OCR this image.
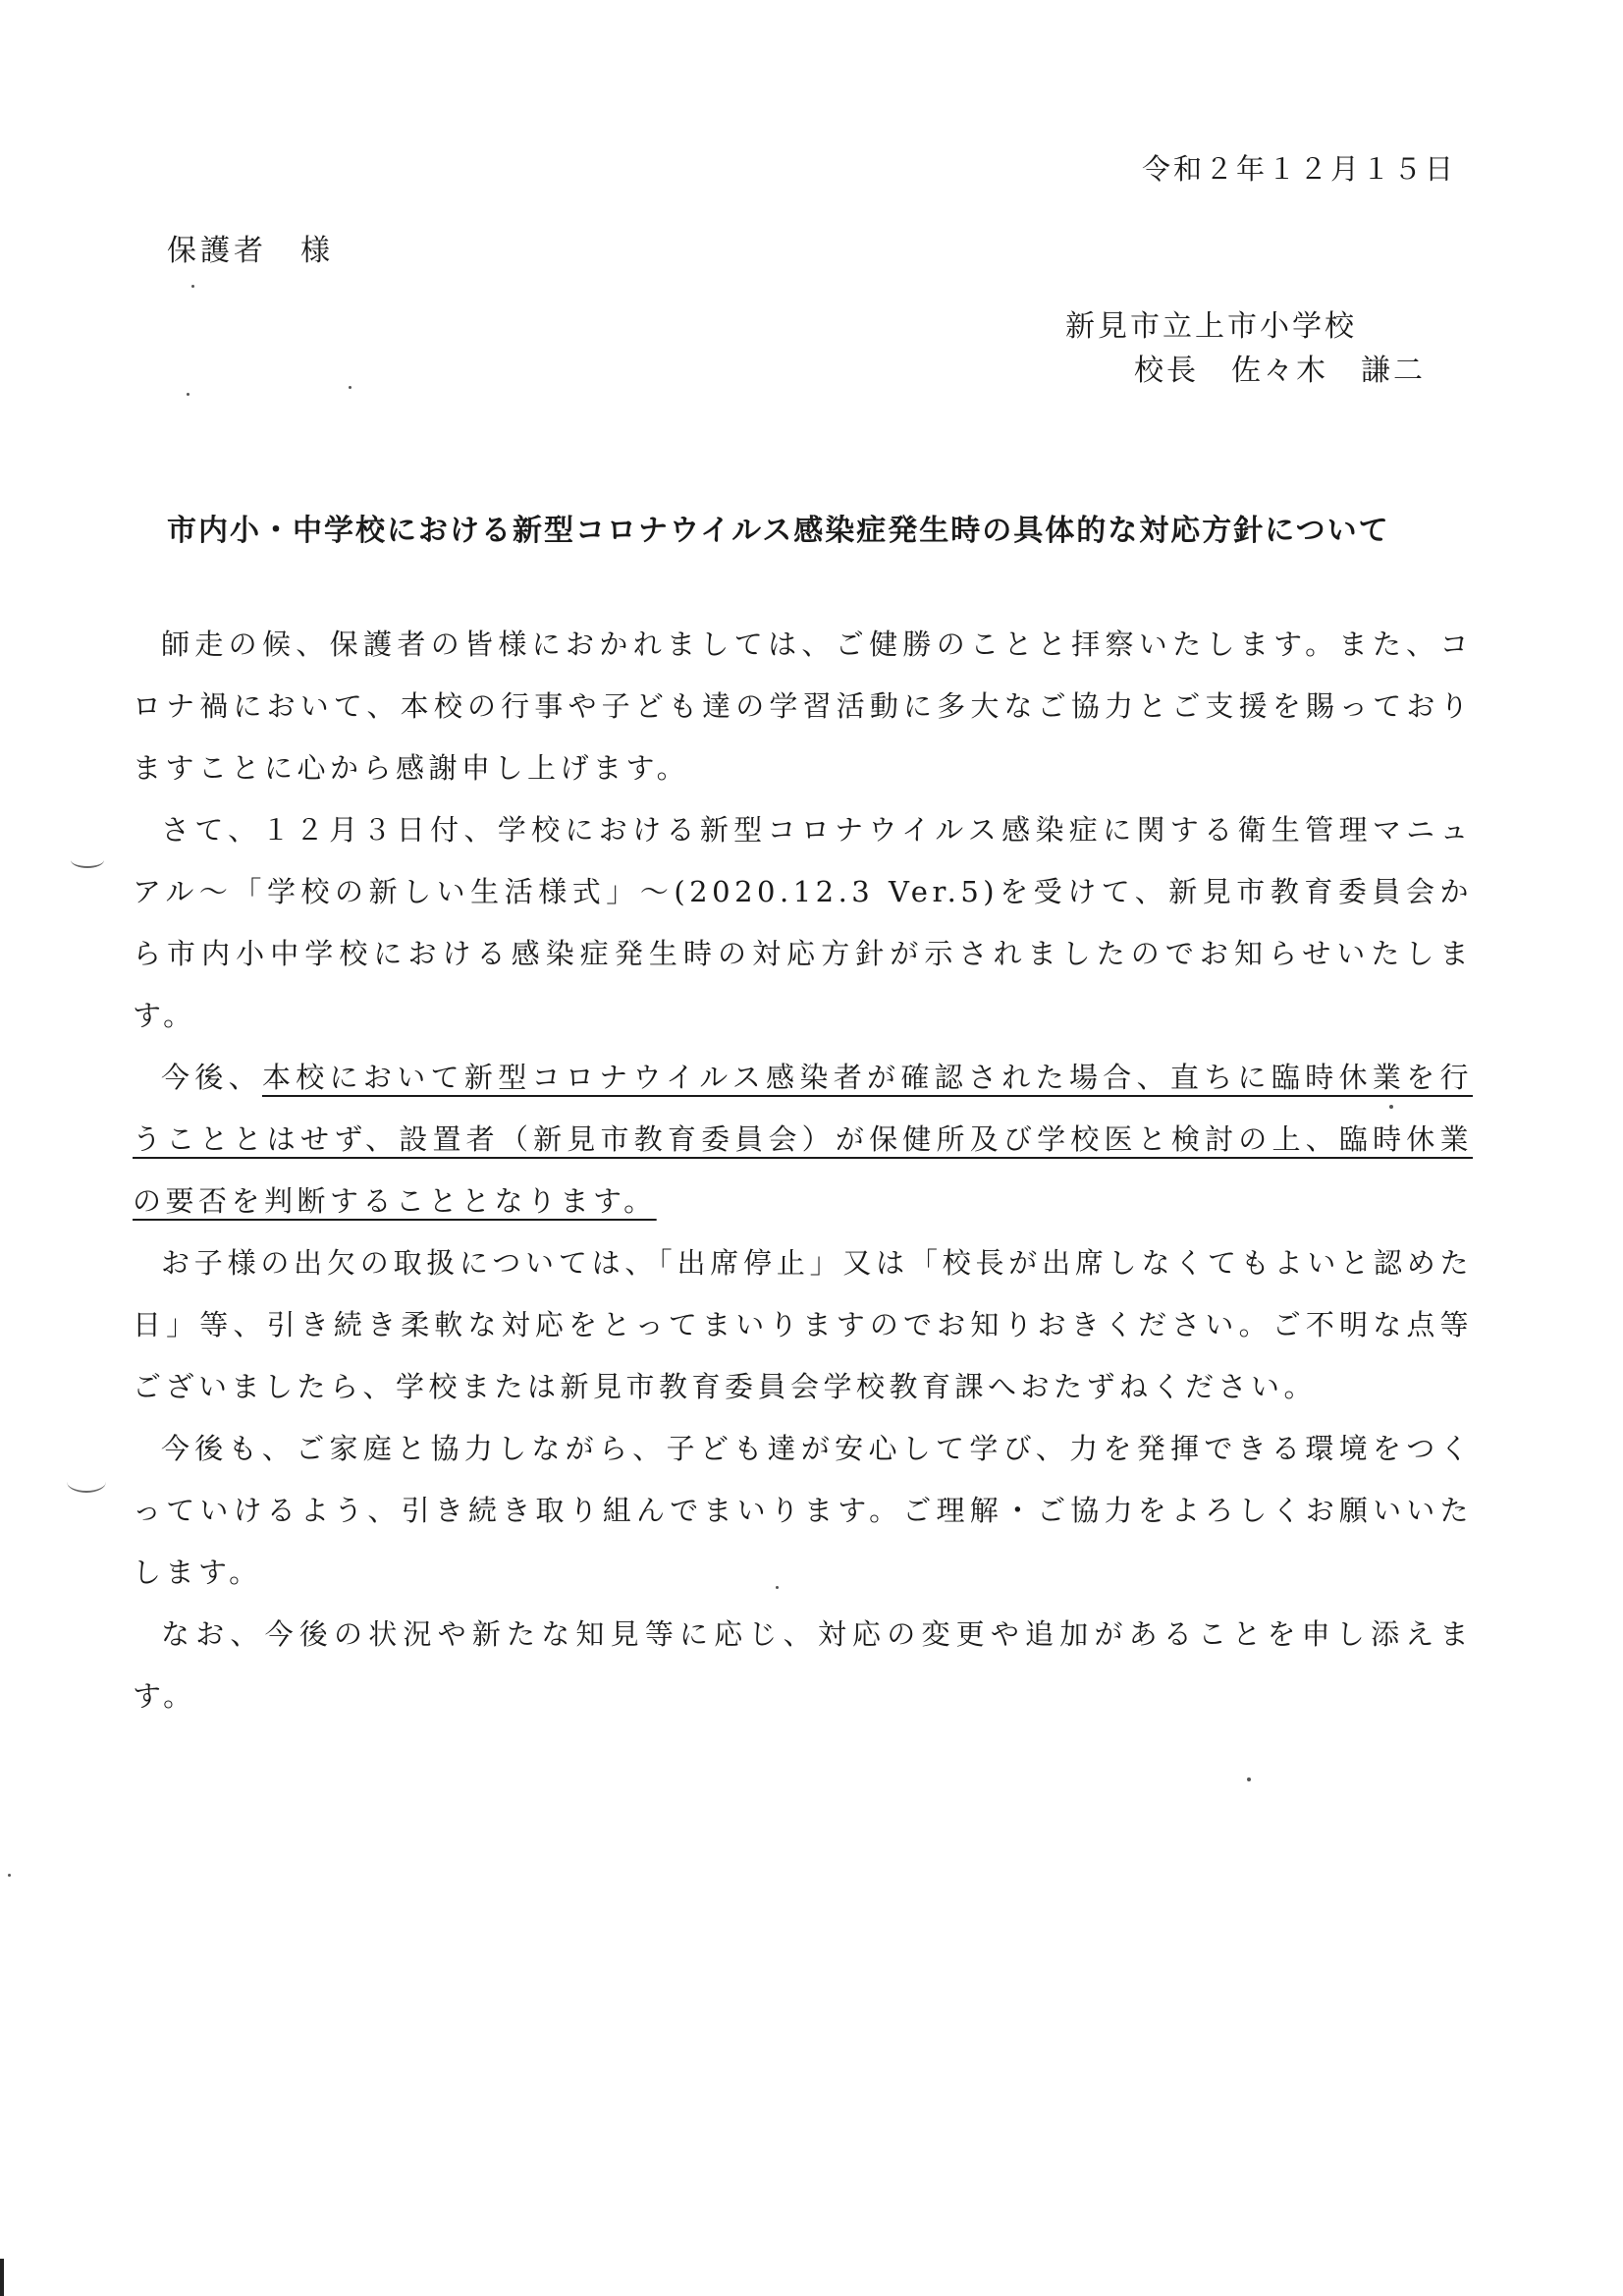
令和２年１２月１５日
保護者　様
新見市立上市小学校
校長　佐々木　謙二
市内小・中学校における新型コロナウイルス感染症発生時の具体的な対応方針について

師走の候、保護者の皆様におかれましては、ご健勝のことと拝察いたします。また、コロナ禍において、本校の行事や子ども達の学習活動に多大なご協力とご支援を賜っておりますことに心から感謝申し上げます。

さて、１２月３日付、学校における新型コロナウイルス感染症に関する衛生管理マニュアル～「学校の新しい生活様式」～(2020.12.3 Ver.5)を受けて、新見市教育委員会から市内小中学校における感染症発生時の対応方針が示されましたのでお知らせいたします。

今後、本校において新型コロナウイルス感染者が確認された場合、直ちに臨時休業を行うこととはせず、設置者（新見市教育委員会）が保健所及び学校医と検討の上、臨時休業の要否を判断することとなります。

お子様の出欠の取扱については、「出席停止」又は「校長が出席しなくてもよいと認めた日」等、引き続き柔軟な対応をとってまいりますのでお知りおきください。ご不明な点等ございましたら、学校または新見市教育委員会学校教育課へおたずねください。

今後も、ご家庭と協力しながら、子ども達が安心して学び、力を発揮できる環境をつくっていけるよう、引き続き取り組んでまいります。ご理解・ご協力をよろしくお願いいたします。

なお、今後の状況や新たな知見等に応じ、対応の変更や追加があることを申し添えます。
